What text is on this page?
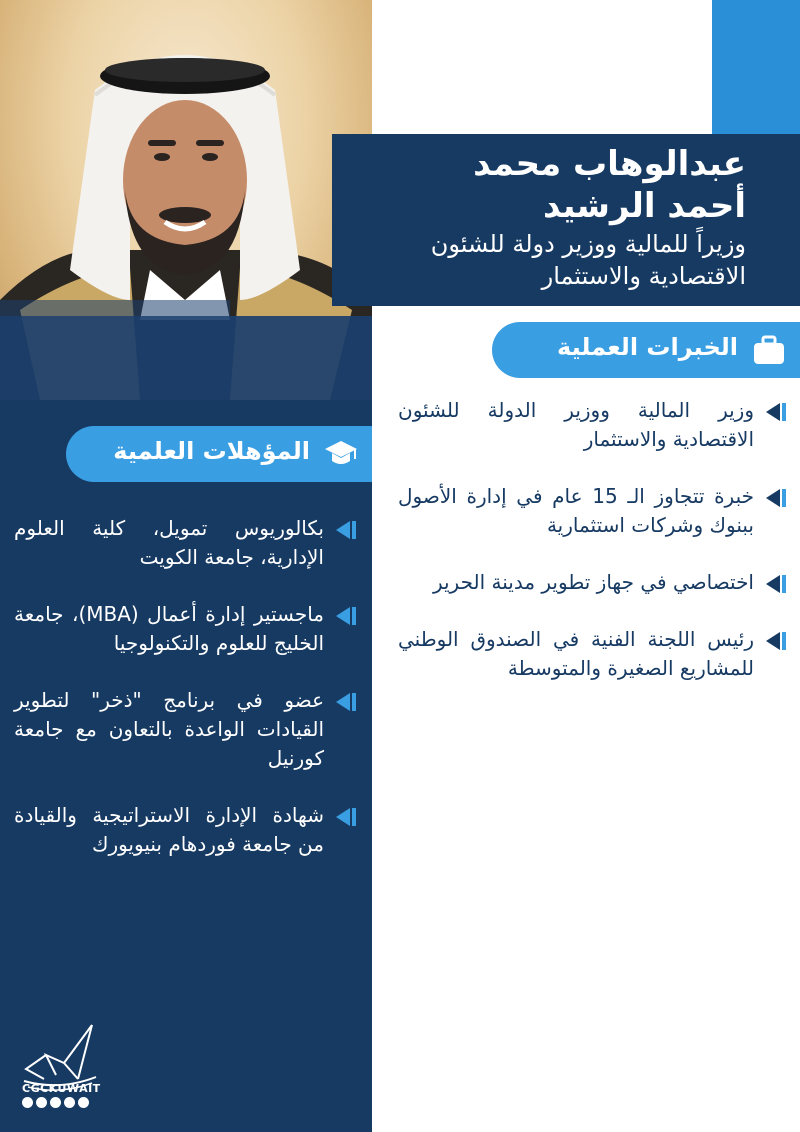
عبدالوهاب محمد
أحمد الرشيد
وزيراً للمالية ووزير دولة للشئون
الاقتصادية والاستثمار
الخبرات العملية
وزير المالية ووزير الدولة للشئون الاقتصادية والاستثمار
خبرة تتجاوز الـ 15 عام في إدارة الأصول ببنوك وشركات استثمارية
اختصاصي في جهاز تطوير مدينة الحرير
رئيس اللجنة الفنية في الصندوق الوطني للمشاريع الصغيرة والمتوسطة
المؤهلات العلمية
بكالوريوس تمويل، كلية العلوم الإدارية، جامعة الكويت
ماجستير إدارة أعمال (MBA)، جامعة الخليج للعلوم والتكنولوجيا
عضو في برنامج "ذخر" لتطوير القيادات الواعدة بالتعاون مع جامعة كورنيل
شهادة الإدارة الاستراتيجية والقيادة من جامعة فوردهام بنيويورك
CGCKUWAIT
